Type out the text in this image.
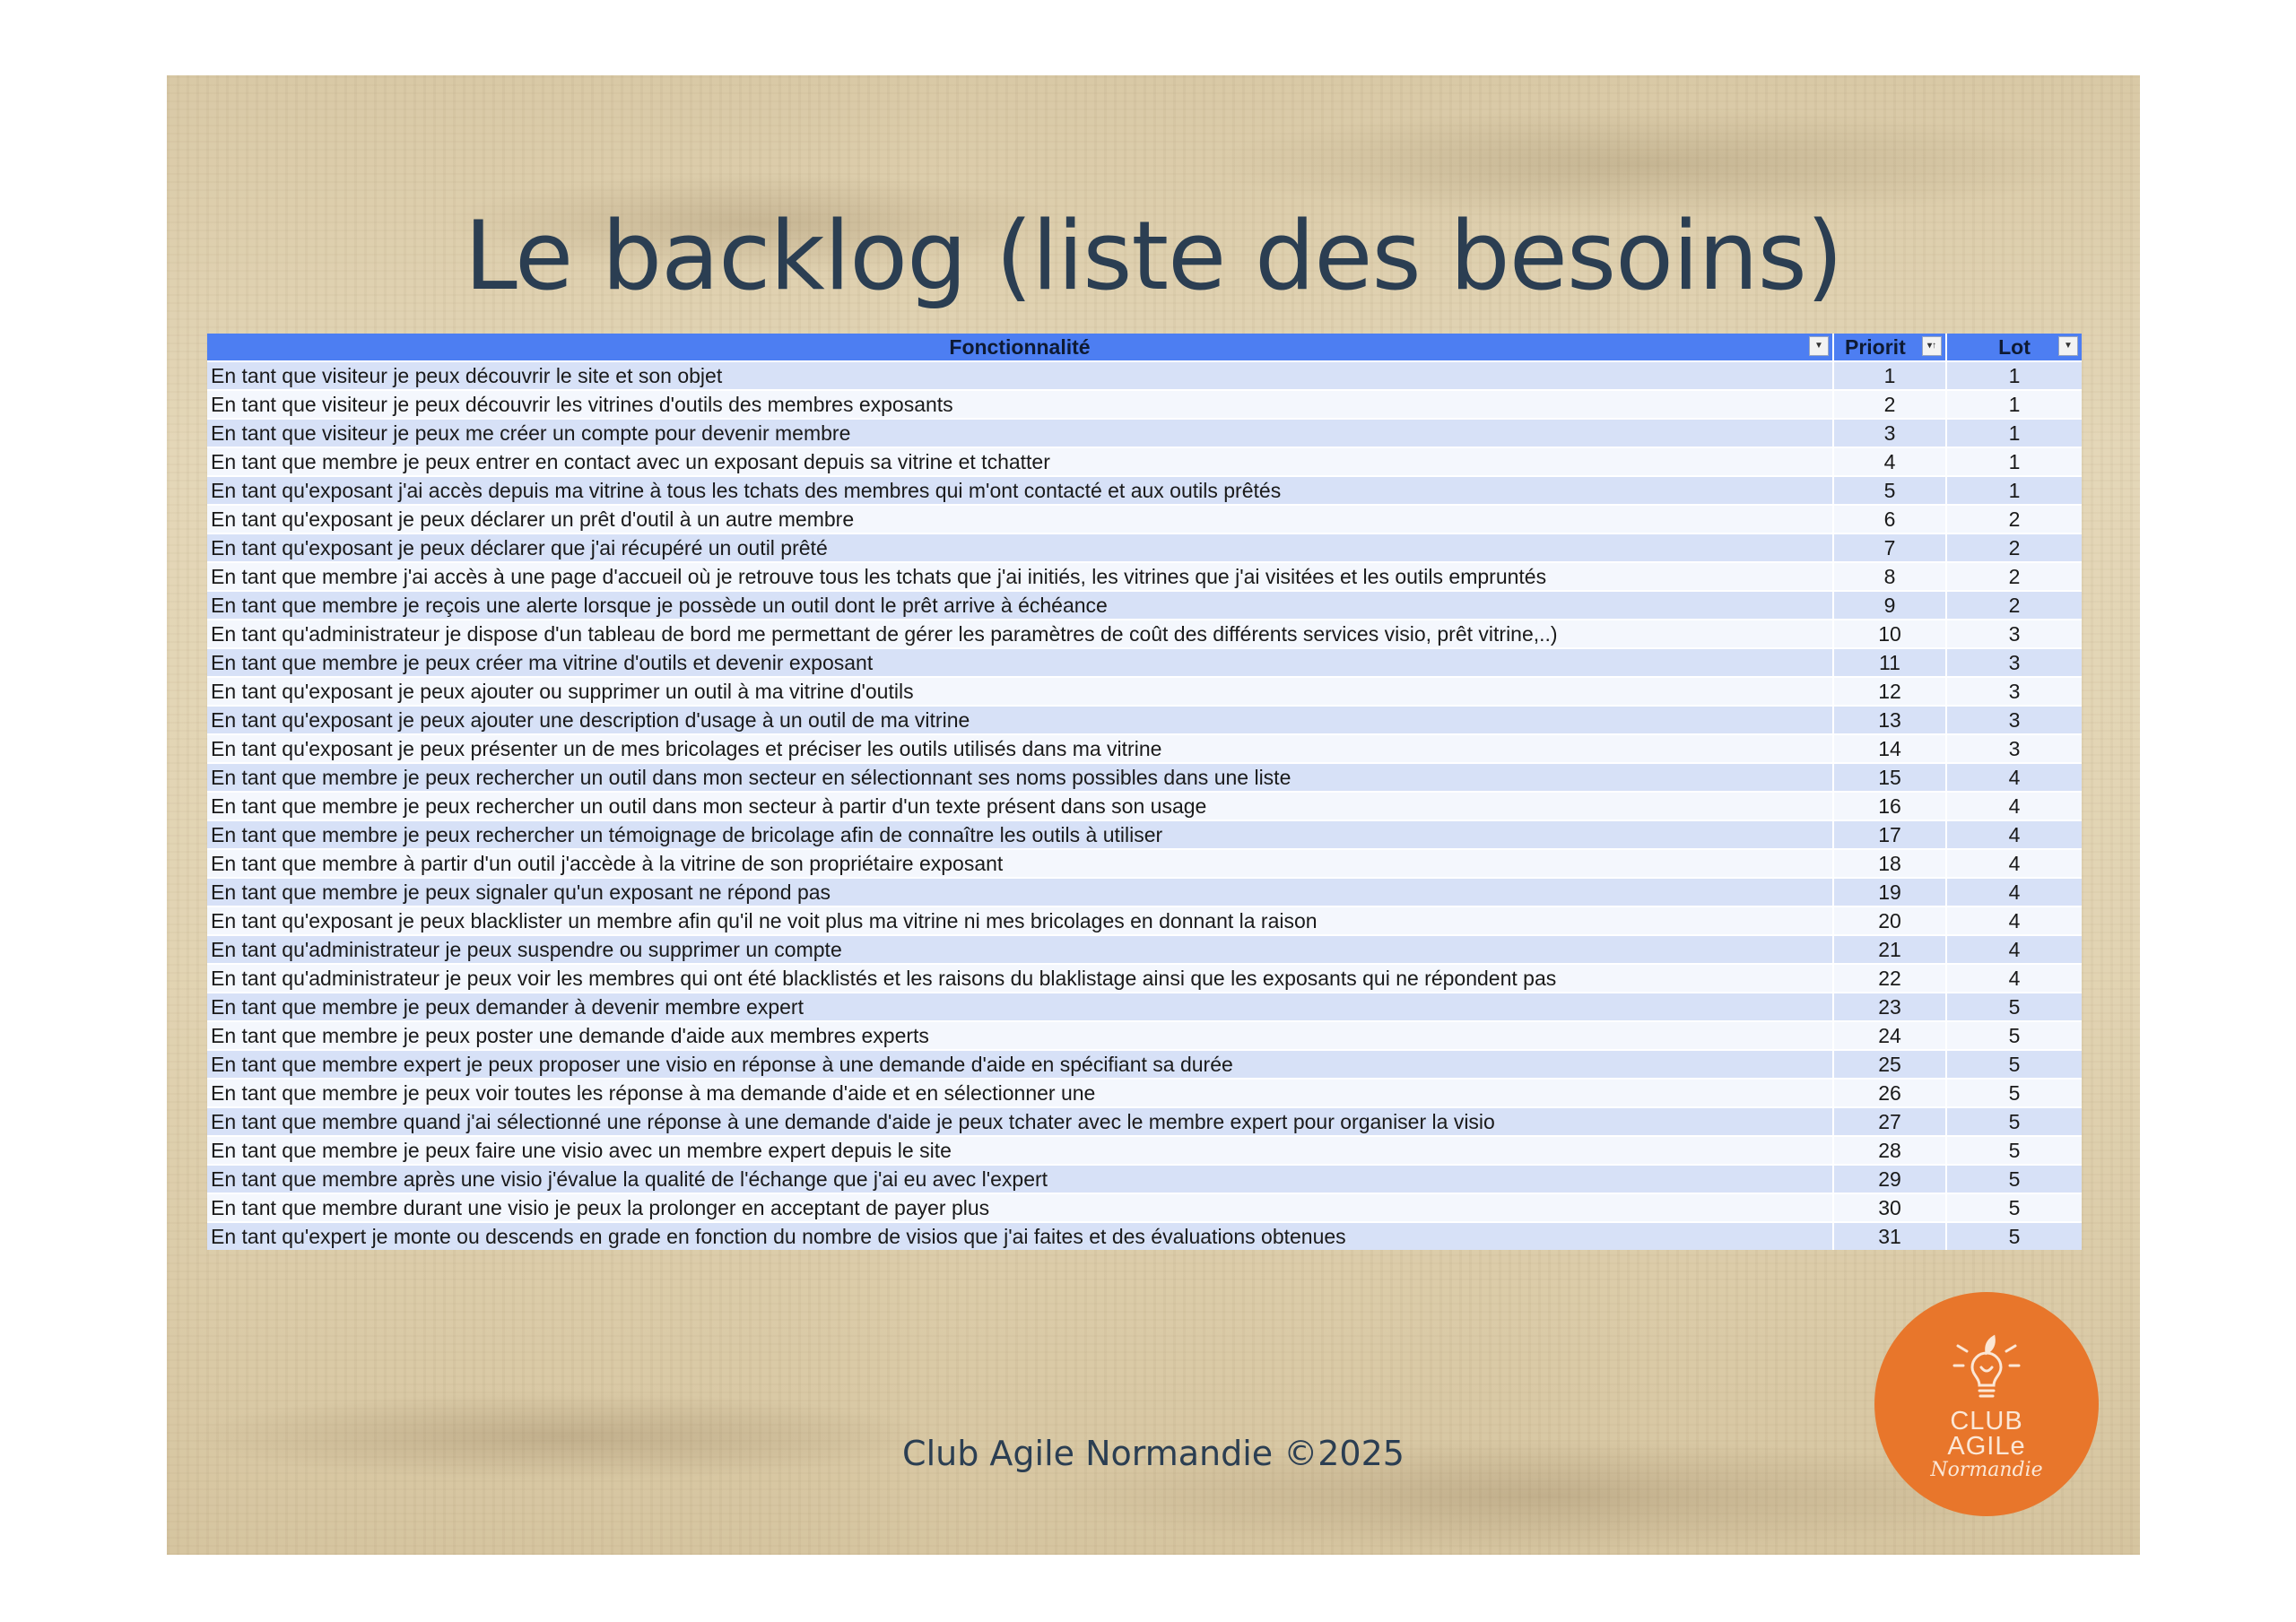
Le backlog (liste des besoins)
Fonctionnalité ▼	Priorit ▾↑	Lot ▼

En tant que visiteur je peux découvrir le site et son objet	1	1
En tant que visiteur je peux découvrir les vitrines d'outils des membres exposants	2	1
En tant que visiteur je peux me créer un compte pour devenir membre	3	1
En tant que membre je peux entrer en contact avec un exposant depuis sa vitrine et tchatter	4	1
En tant qu'exposant j'ai accès depuis ma vitrine à tous les tchats des membres qui m'ont contacté et aux outils prêtés	5	1
En tant qu'exposant je peux déclarer un prêt d'outil à un autre membre	6	2
En tant qu'exposant je peux déclarer que j'ai récupéré un outil prêté	7	2
En tant que membre j'ai accès à une page d'accueil où je retrouve tous les tchats que j'ai initiés, les vitrines que j'ai visitées et les outils empruntés	8	2
En tant que membre je reçois une alerte lorsque je possède un outil dont le prêt arrive à échéance	9	2
En tant qu'administrateur je dispose d'un tableau de bord me permettant de gérer les paramètres de coût des différents services visio, prêt vitrine,..)	10	3
En tant que membre je peux créer ma vitrine d'outils et devenir exposant	11	3
En tant qu'exposant je peux ajouter ou supprimer un outil à ma vitrine d'outils	12	3
En tant qu'exposant je peux ajouter une description d'usage à un outil de ma vitrine	13	3
En tant qu'exposant je peux présenter un de mes bricolages et préciser les outils utilisés dans ma vitrine	14	3
En tant que membre je peux rechercher un outil dans mon secteur en sélectionnant ses noms possibles dans une liste	15	4
En tant que membre je peux rechercher un outil dans mon secteur à partir d'un texte présent dans son usage	16	4
En tant que membre je peux rechercher un témoignage de bricolage afin de connaître les outils à utiliser	17	4
En tant que membre à partir d'un outil j'accède à la vitrine de son propriétaire exposant	18	4
En tant que membre je peux signaler qu'un exposant ne répond pas	19	4
En tant qu'exposant je peux blacklister un membre afin qu'il ne voit plus ma vitrine ni mes bricolages en donnant la raison	20	4
En tant qu'administrateur je peux suspendre ou supprimer un compte	21	4
En tant qu'administrateur je peux voir les membres qui ont été blacklistés et les raisons du blaklistage ainsi que les exposants qui ne répondent pas	22	4
En tant que membre je peux demander à devenir membre expert	23	5
En tant que membre je peux poster une demande d'aide aux membres experts	24	5
En tant que membre expert je peux proposer une visio en réponse à une demande d'aide en spécifiant sa durée	25	5
En tant que membre je peux voir toutes les réponse à ma demande d'aide et en sélectionner une	26	5
En tant que membre quand j'ai sélectionné une réponse à une demande d'aide je peux tchater avec le membre expert pour organiser la visio	27	5
En tant que membre je peux faire une visio avec un membre expert depuis le site	28	5
En tant que membre après une visio j'évalue la qualité de l'échange que j'ai eu avec l'expert	29	5
En tant que membre durant une visio je peux la prolonger en acceptant de payer plus	30	5
En tant qu'expert je monte ou descends en grade en fonction du nombre de visios que j'ai faites et des évaluations obtenues	31	5
Club Agile Normandie ©2025
CLUB
AGILe
Normandie
